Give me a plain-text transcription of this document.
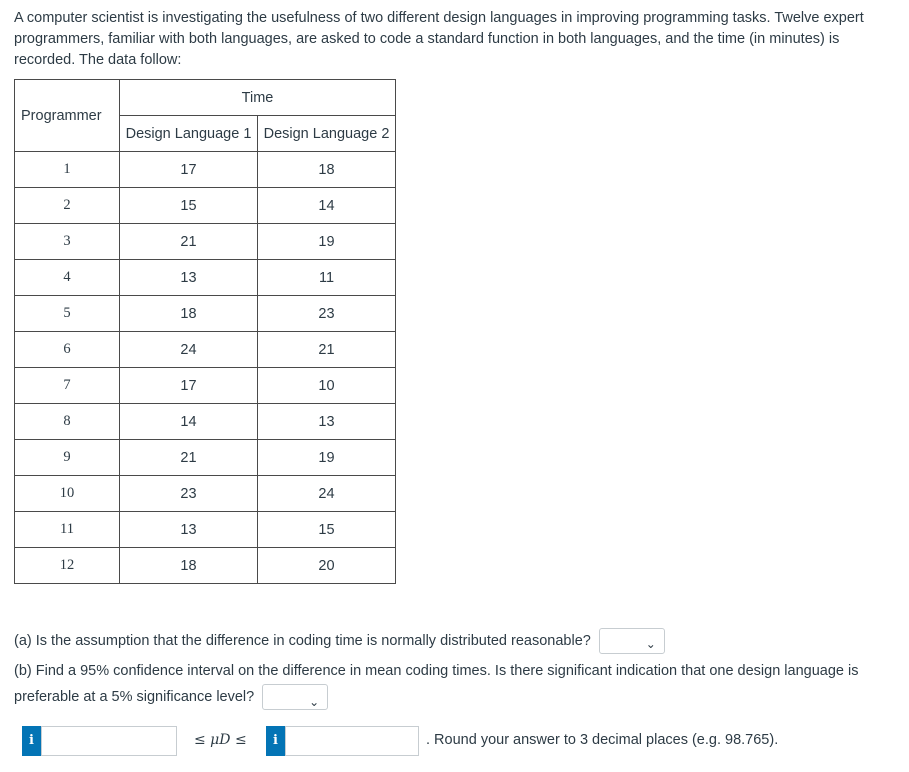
A computer scientist is investigating the usefulness of two different design languages in improving programming tasks. Twelve expert programmers, familiar with both languages, are asked to code a standard function in both languages, and the time (in minutes) is recorded. The data follow:

Programmer	Time	
	Design Language 1	Design Language 2
1	17	18
2	15	14
3	21	19
4	13	11
5	18	23
6	24	21
7	17	10
8	14	13
9	21	19
10	23	24
11	13	15
12	18	20
(a) Is the assumption that the difference in coding time is normally distributed reasonable?	⌄
(b) Find a 95% confidence interval on the difference in mean coding times. Is there significant indication that one design language is preferable at a 5% significance level?	⌄
i	≤ μD ≤	i	. Round your answer to 3 decimal places (e.g. 98.765).
